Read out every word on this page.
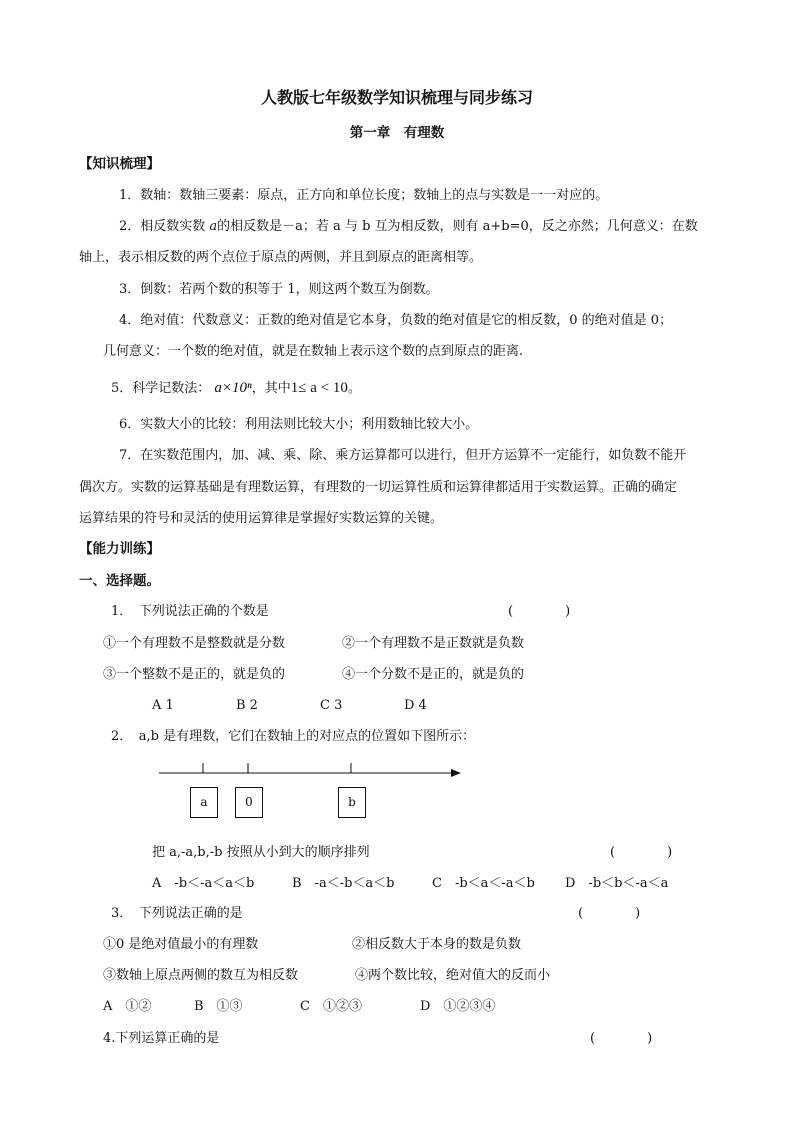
人教版七年级数学知识梳理与同步练习
第一章　有理数
【知识梳理】
1．数轴：数轴三要素：原点，正方向和单位长度；数轴上的点与实数是一一对应的。
2．相反数实数 a的相反数是－a；若 a 与 b 互为相反数，则有 a+b=0，反之亦然；几何意义：在数
轴上，表示相反数的两个点位于原点的两侧，并且到原点的距离相等。
3．倒数：若两个数的积等于 1，则这两个数互为倒数。
4．绝对值：代数意义：正数的绝对值是它本身，负数的绝对值是它的相反数，0 的绝对值是 0；
几何意义：一个数的绝对值，就是在数轴上表示这个数的点到原点的距离.
5．科学记数法： a×10ⁿ，其中1≤ a < 10。
6．实数大小的比较：利用法则比较大小；利用数轴比较大小。
7．在实数范围内，加、减、乘、除、乘方运算都可以进行，但开方运算不一定能行，如负数不能开
偶次方。实数的运算基础是有理数运算，有理数的一切运算性质和运算律都适用于实数运算。正确的确定
运算结果的符号和灵活的使用运算律是掌握好实数运算的关键。
【能力训练】
一、选择题。
1．　下列说法正确的个数是	(　　　　)
①一个有理数不是整数就是分数	②一个有理数不是正数就是负数
③一个整数不是正的，就是负的	④一个分数不是正的，就是负的
A 1	B 2	C 3	D 4
2．　a,b 是有理数，它们在数轴上的对应点的位置如下图所示：
a	0	b
把 a,-a,b,-b 按照从小到大的顺序排列	(　　　　)
A　-b＜-a＜a＜b	B　-a＜-b＜a＜b	C　-b＜a＜-a＜b D　-b＜b＜-a＜a
3．　下列说法正确的是	(　　　　)
①0 是绝对值最小的有理数	②相反数大于本身的数是负数
③数轴上原点两侧的数互为相反数	④两个数比较，绝对值大的反而小
A　①②	B　①③	C　①②③	D　①②③④
4.下列运算正确的是	(　　　　)
